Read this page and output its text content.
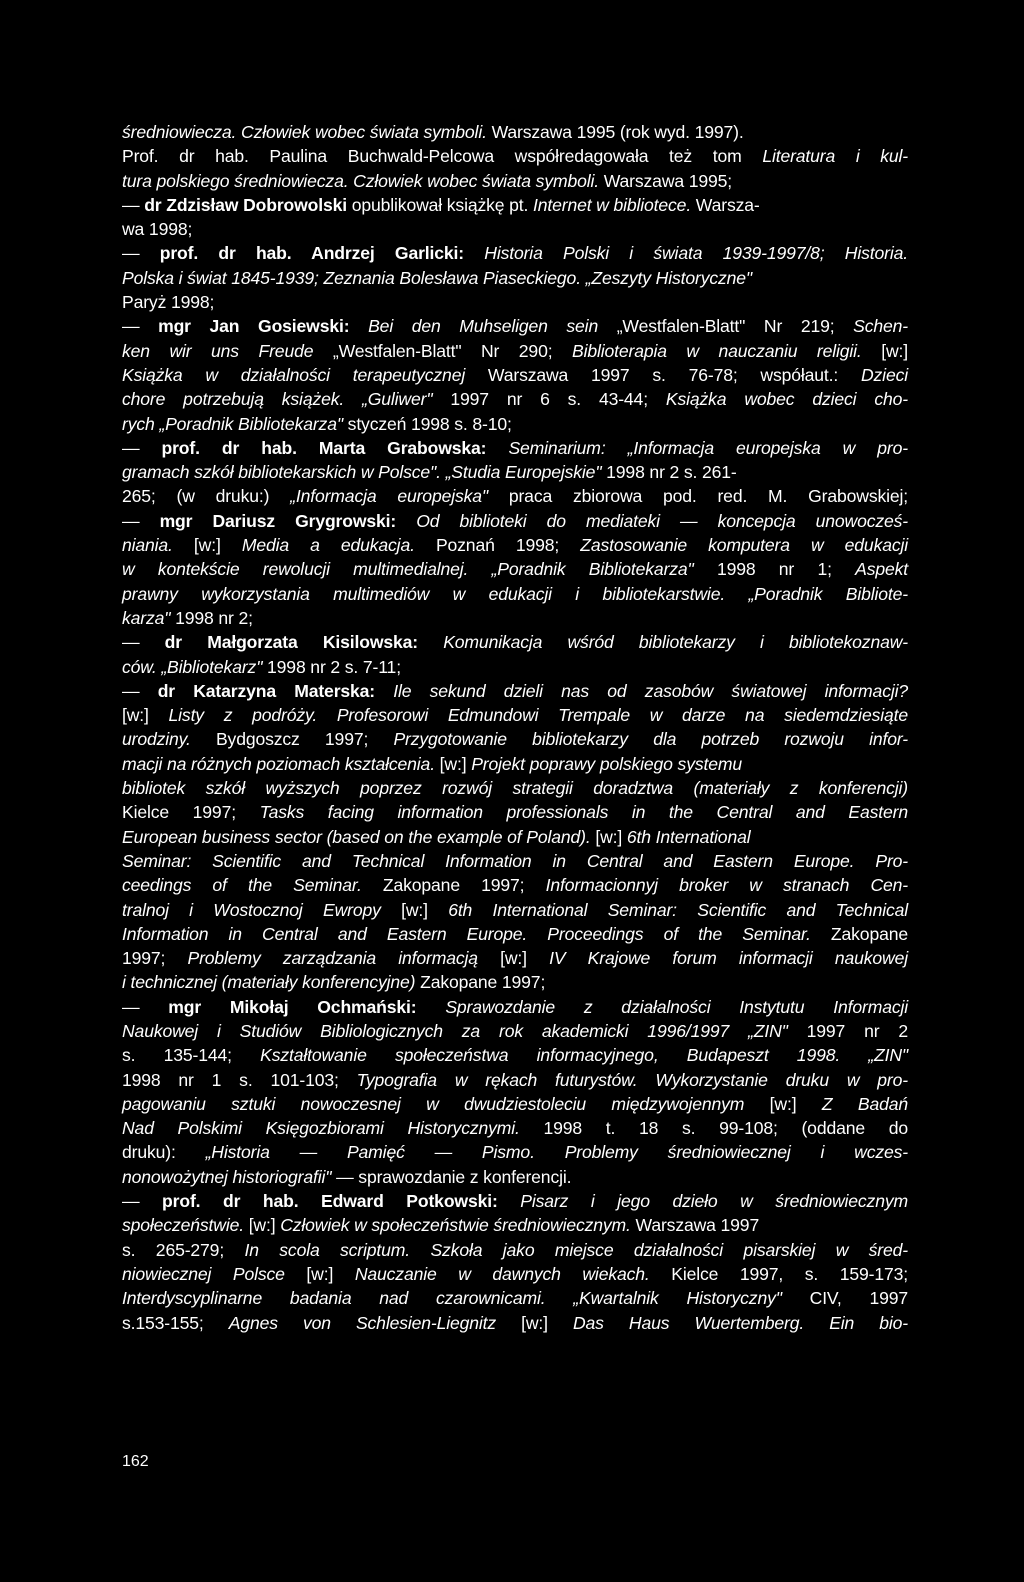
średniowiecza. Człowiek wobec świata symboli. Warszawa 1995 (rok wyd. 1997).
Prof. dr hab. Paulina Buchwald-Pelcowa współredagowała też tom Literatura i kul-
tura polskiego średniowiecza. Człowiek wobec świata symboli. Warszawa 1995;
— dr Zdzisław Dobrowolski opublikował książkę pt. Internet w bibliotece. Warsza-
wa 1998;
— prof. dr hab. Andrzej Garlicki: Historia Polski i świata 1939-1997/8; Historia.
Polska i świat 1845-1939; Zeznania Bolesława Piaseckiego. „Zeszyty Historyczne"
Paryż 1998;
— mgr Jan Gosiewski: Bei den Muhseligen sein „Westfalen-Blatt" Nr 219; Schen-
ken wir uns Freude „Westfalen-Blatt" Nr 290; Biblioterapia w nauczaniu religii. [w:]
Książka w działalności terapeutycznej Warszawa 1997 s. 76-78; współaut.: Dzieci
chore potrzebują książek. „Guliwer" 1997 nr 6 s. 43-44; Książka wobec dzieci cho-
rych „Poradnik Bibliotekarza" styczeń 1998 s. 8-10;
— prof. dr hab. Marta Grabowska: Seminarium: „Informacja europejska w pro-
gramach szkół bibliotekarskich w Polsce". „Studia Europejskie" 1998 nr 2 s. 261-
265; (w druku:) „Informacja europejska" praca zbiorowa pod. red. M. Grabowskiej;
— mgr Dariusz Grygrowski: Od biblioteki do mediateki — koncepcja unowocześ-
niania. [w:] Media a edukacja. Poznań 1998; Zastosowanie komputera w edukacji
w kontekście rewolucji multimedialnej. „Poradnik Bibliotekarza" 1998 nr 1; Aspekt
prawny wykorzystania multimediów w edukacji i bibliotekarstwie. „Poradnik Bibliote-
karza" 1998 nr 2;
— dr Małgorzata Kisilowska: Komunikacja wśród bibliotekarzy i bibliotekoznaw-
ców. „Bibliotekarz" 1998 nr 2 s. 7-11;
— dr Katarzyna Materska: Ile sekund dzieli nas od zasobów światowej informacji?
[w:] Listy z podróży. Profesorowi Edmundowi Trempale w darze na siedemdziesiąte
urodziny. Bydgoszcz 1997; Przygotowanie bibliotekarzy dla potrzeb rozwoju infor-
macji na różnych poziomach kształcenia. [w:] Projekt poprawy polskiego systemu
bibliotek szkół wyższych poprzez rozwój strategii doradztwa (materiały z konferencji)
Kielce 1997; Tasks facing information professionals in the Central and Eastern
European business sector (based on the example of Poland). [w:] 6th International
Seminar: Scientific and Technical Information in Central and Eastern Europe. Pro-
ceedings of the Seminar. Zakopane 1997; Informacionnyj broker w stranach Cen-
tralnoj i Wostocznoj Ewropy [w:] 6th International Seminar: Scientific and Technical
Information in Central and Eastern Europe. Proceedings of the Seminar. Zakopane
1997; Problemy zarządzania informacją [w:] IV Krajowe forum informacji naukowej
i technicznej (materiały konferencyjne) Zakopane 1997;
— mgr Mikołaj Ochmański: Sprawozdanie z działalności Instytutu Informacji
Naukowej i Studiów Bibliologicznych za rok akademicki 1996/1997 „ZIN" 1997 nr 2
s. 135-144; Kształtowanie społeczeństwa informacyjnego, Budapeszt 1998. „ZIN"
1998 nr 1 s. 101-103; Typografia w rękach futurystów. Wykorzystanie druku w pro-
pagowaniu sztuki nowoczesnej w dwudziestoleciu międzywojennym [w:] Z Badań
Nad Polskimi Księgozbiorami Historycznymi. 1998 t. 18 s. 99-108; (oddane do
druku): „Historia — Pamięć — Pismo. Problemy średniowiecznej i wczes-
nonowożytnej historiografii" — sprawozdanie z konferencji.
— prof. dr hab. Edward Potkowski: Pisarz i jego dzieło w średniowiecznym
społeczeństwie. [w:] Człowiek w społeczeństwie średniowiecznym. Warszawa 1997
s. 265-279; In scola scriptum. Szkoła jako miejsce działalności pisarskiej w śred-
niowiecznej Polsce [w:] Nauczanie w dawnych wiekach. Kielce 1997, s. 159-173;
Interdyscyplinarne badania nad czarownicami. „Kwartalnik Historyczny" CIV, 1997
s.153-155; Agnes von Schlesien-Liegnitz [w:] Das Haus Wuertemberg. Ein bio-
162
